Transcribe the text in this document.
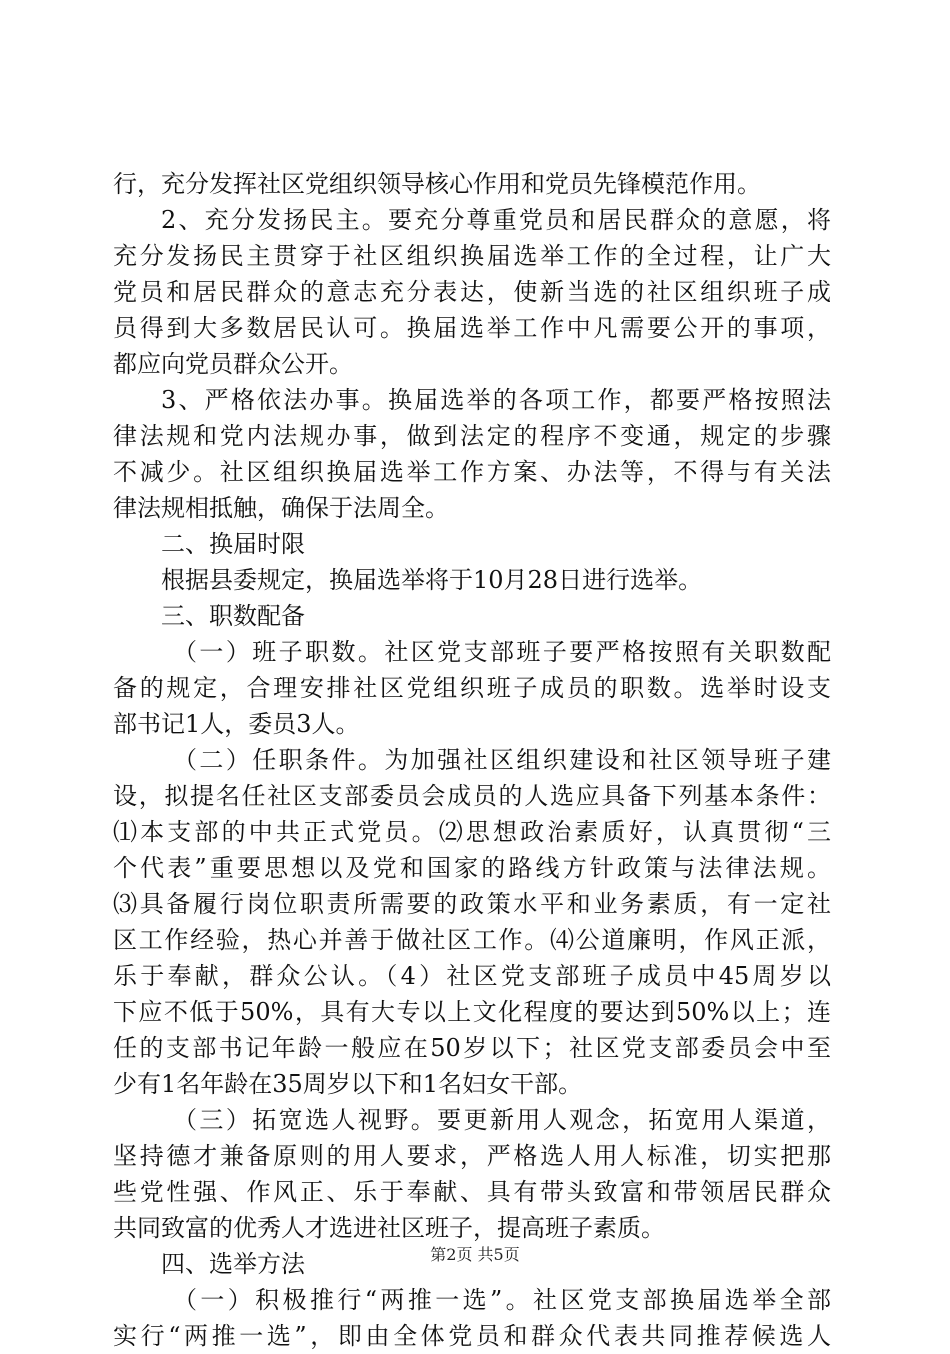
行，充分发挥社区党组织领导核心作用和党员先锋模范作用。
2、充分发扬民主。要充分尊重党员和居民群众的意愿，将
充分发扬民主贯穿于社区组织换届选举工作的全过程，让广大
党员和居民群众的意志充分表达，使新当选的社区组织班子成
员得到大多数居民认可。换届选举工作中凡需要公开的事项，
都应向党员群众公开。
3、严格依法办事。换届选举的各项工作，都要严格按照法
律法规和党内法规办事，做到法定的程序不变通，规定的步骤
不减少。社区组织换届选举工作方案、办法等，不得与有关法
律法规相抵触，确保于法周全。
二、换届时限
根据县委规定，换届选举将于10月28日进行选举。
三、职数配备
（一）班子职数。社区党支部班子要严格按照有关职数配
备的规定，合理安排社区党组织班子成员的职数。选举时设支
部书记1人，委员3人。
（二）任职条件。为加强社区组织建设和社区领导班子建
设，拟提名任社区支部委员会成员的人选应具备下列基本条件：
⑴本支部的中共正式党员。⑵思想政治素质好，认真贯彻“三
个代表”重要思想以及党和国家的路线方针政策与法律法规。
⑶具备履行岗位职责所需要的政策水平和业务素质，有一定社
区工作经验，热心并善于做社区工作。⑷公道廉明，作风正派，
乐于奉献，群众公认。（4）社区党支部班子成员中45周岁以
下应不低于50%，具有大专以上文化程度的要达到50%以上；连
任的支部书记年龄一般应在50岁以下；社区党支部委员会中至
少有1名年龄在35周岁以下和1名妇女干部。
（三）拓宽选人视野。要更新用人观念，拓宽用人渠道，
坚持德才兼备原则的用人要求，严格选人用人标准，切实把那
些党性强、作风正、乐于奉献、具有带头致富和带领居民群众
共同致富的优秀人才选进社区班子，提高班子素质。
四、选举方法
（一）积极推行“两推一选”。社区党支部换届选举全部
实行“两推一选”，即由全体党员和群众代表共同推荐候选人
第2页 共5页
